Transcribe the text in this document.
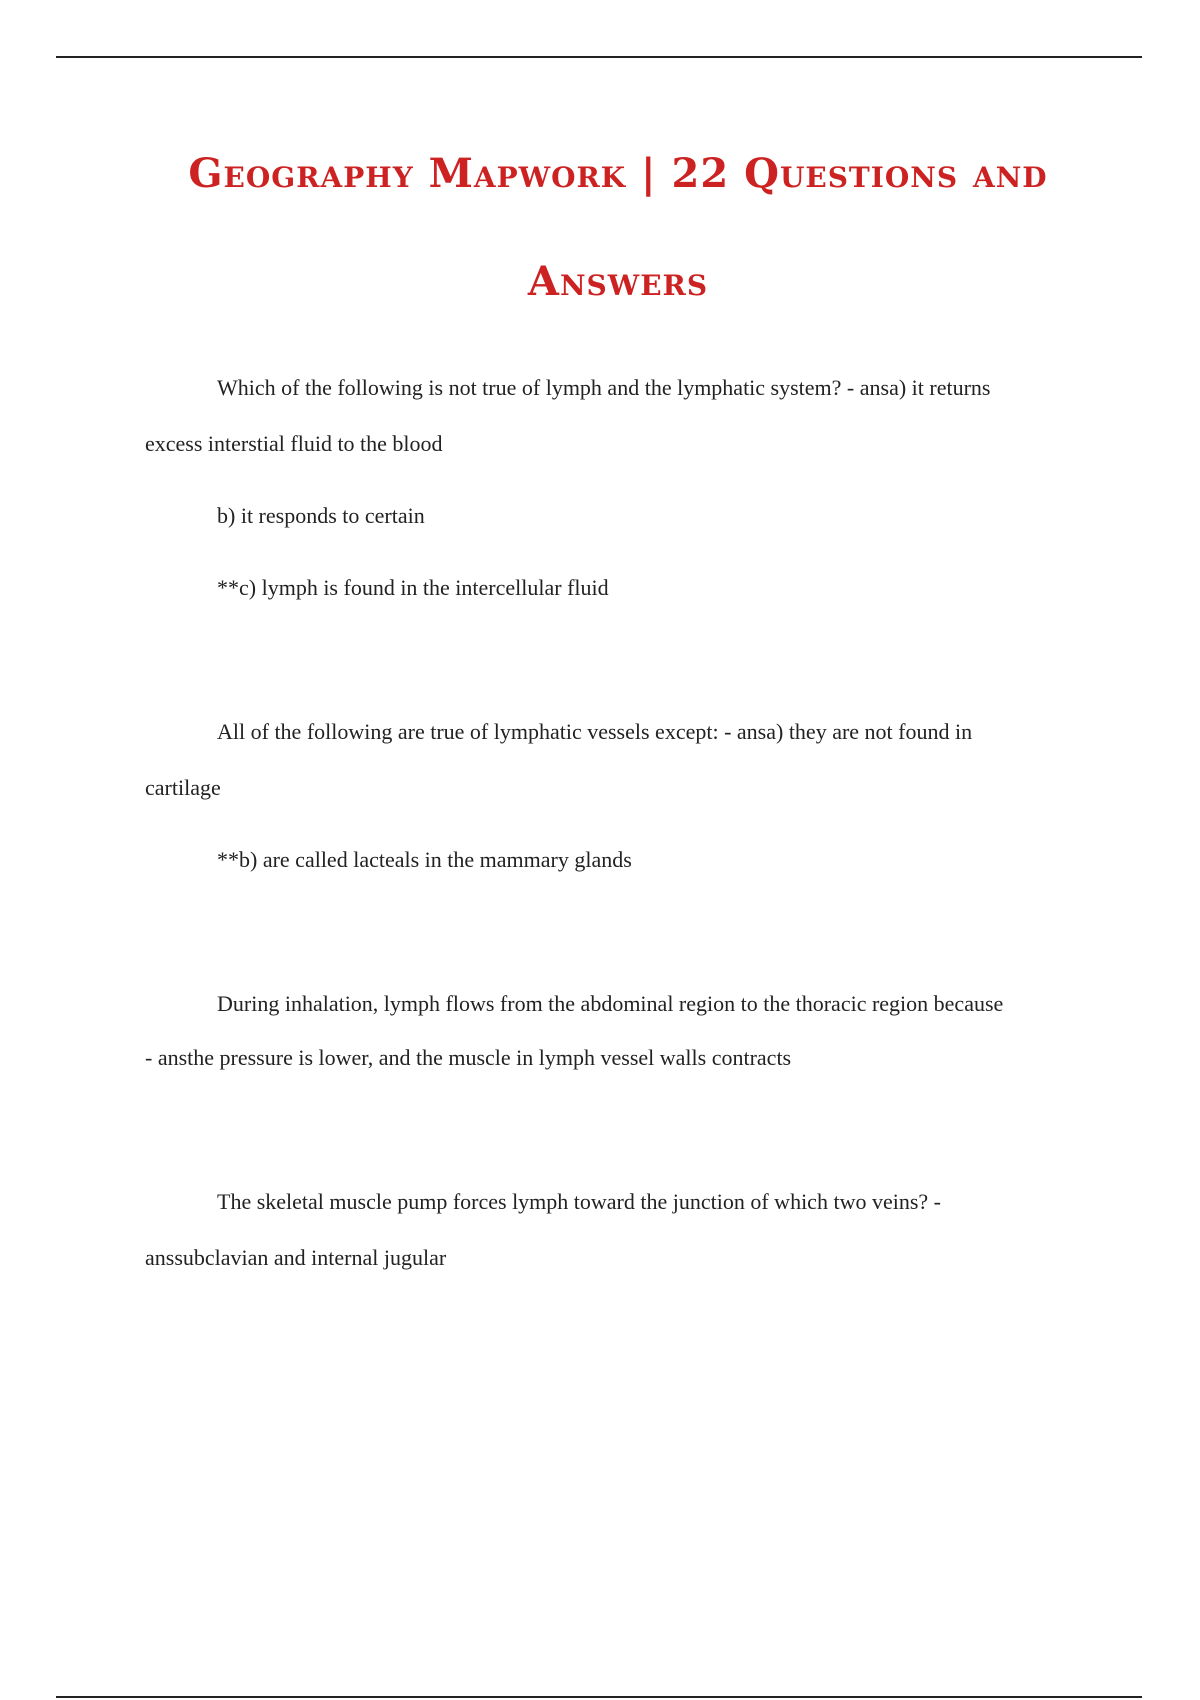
Geography Mapwork | 22 Questions and
Answers

Which of the following is not true of lymph and the lymphatic system? - ansa) it returns

excess interstial fluid to the blood

b) it responds to certain

**c) lymph is found in the intercellular fluid

All of the following are true of lymphatic vessels except: - ansa) they are not found in

cartilage

**b) are called lacteals in the mammary glands

During inhalation, lymph flows from the abdominal region to the thoracic region because

- ansthe pressure is lower, and the muscle in lymph vessel walls contracts

The skeletal muscle pump forces lymph toward the junction of which two veins? -

anssubclavian and internal jugular
